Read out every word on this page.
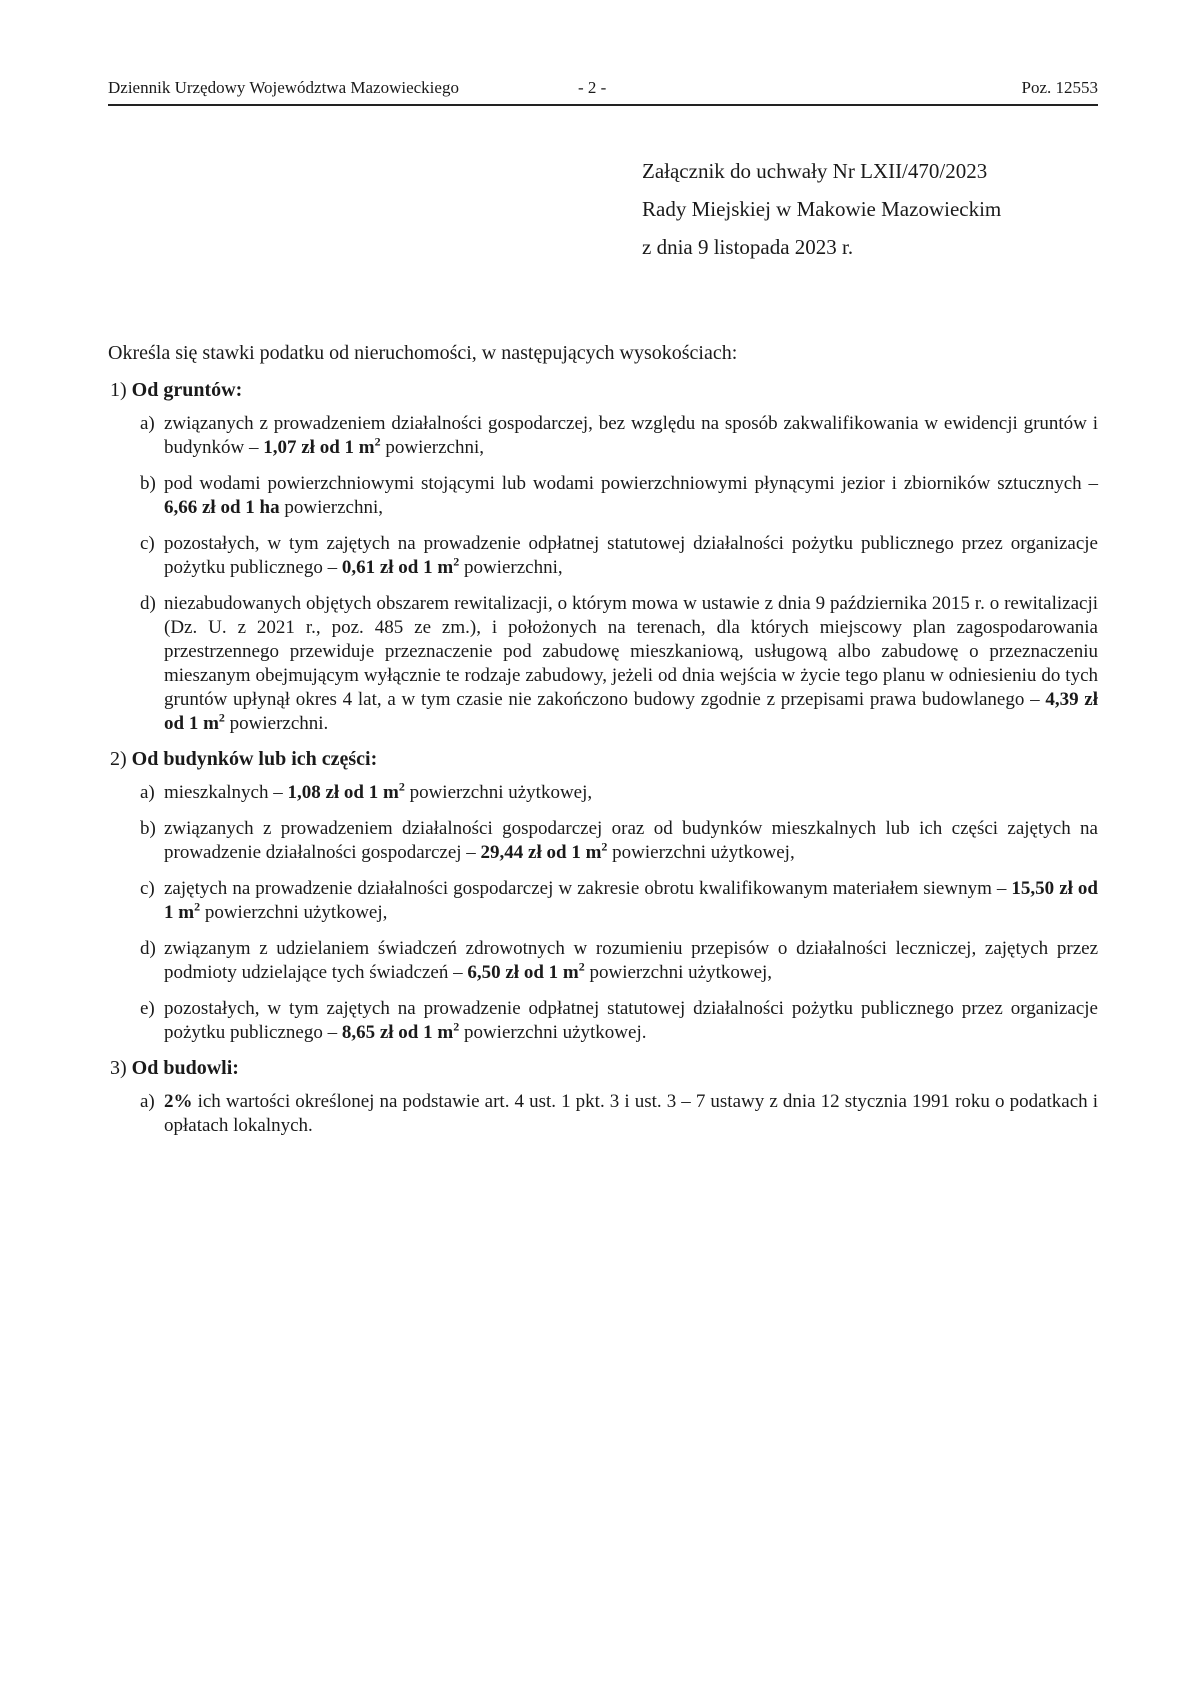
Dziennik Urzędowy Województwa Mazowieckiego	- 2 -	Poz. 12553
Załącznik do uchwały Nr LXII/470/2023
Rady Miejskiej w Makowie Mazowieckim
z dnia 9 listopada 2023 r.
Określa się stawki podatku od nieruchomości, w następujących wysokościach:
1) Od gruntów:
a) związanych z prowadzeniem działalności gospodarczej, bez względu na sposób zakwalifikowania w ewidencji gruntów i budynków – 1,07 zł od 1 $m^2$ powierzchni,
b) pod wodami powierzchniowymi stojącymi lub wodami powierzchniowymi płynącymi jezior i zbiorników sztucznych – 6,66 zł od 1 ha powierzchni,
c) pozostałych, w tym zajętych na prowadzenie odpłatnej statutowej działalności pożytku publicznego przez organizacje pożytku publicznego – 0,61 zł od 1 $m^2$ powierzchni,
d) niezabudowanych objętych obszarem rewitalizacji, o którym mowa w ustawie z dnia 9 października 2015 r. o rewitalizacji (Dz. U. z 2021 r., poz. 485 ze zm.), i położonych na terenach, dla których miejscowy plan zagospodarowania przestrzennego przewiduje przeznaczenie pod zabudowę mieszkaniową, usługową albo zabudowę o przeznaczeniu mieszanym obejmującym wyłącznie te rodzaje zabudowy, jeżeli od dnia wejścia w życie tego planu w odniesieniu do tych gruntów upłynął okres 4 lat, a w tym czasie nie zakończono budowy zgodnie z przepisami prawa budowlanego – 4,39 zł od 1 $m^2$ powierzchni.
2) Od budynków lub ich części:
a) mieszkalnych – 1,08 zł od 1 $m^2$ powierzchni użytkowej,
b) związanych z prowadzeniem działalności gospodarczej oraz od budynków mieszkalnych lub ich części zajętych na prowadzenie działalności gospodarczej – 29,44 zł od 1 $m^2$ powierzchni użytkowej,
c) zajętych na prowadzenie działalności gospodarczej w zakresie obrotu kwalifikowanym materiałem siewnym – 15,50 zł od 1 $m^2$ powierzchni użytkowej,
d) związanym z udzielaniem świadczeń zdrowotnych w rozumieniu przepisów o działalności leczniczej, zajętych przez podmioty udzielające tych świadczeń – 6,50 zł od 1 $m^2$ powierzchni użytkowej,
e) pozostałych, w tym zajętych na prowadzenie odpłatnej statutowej działalności pożytku publicznego przez organizacje pożytku publicznego – 8,65 zł od 1 $m^2$ powierzchni użytkowej.
3) Od budowli:
a) 2% ich wartości określonej na podstawie art. 4 ust. 1 pkt. 3 i ust. 3 – 7 ustawy z dnia 12 stycznia 1991 roku o podatkach i opłatach lokalnych.
